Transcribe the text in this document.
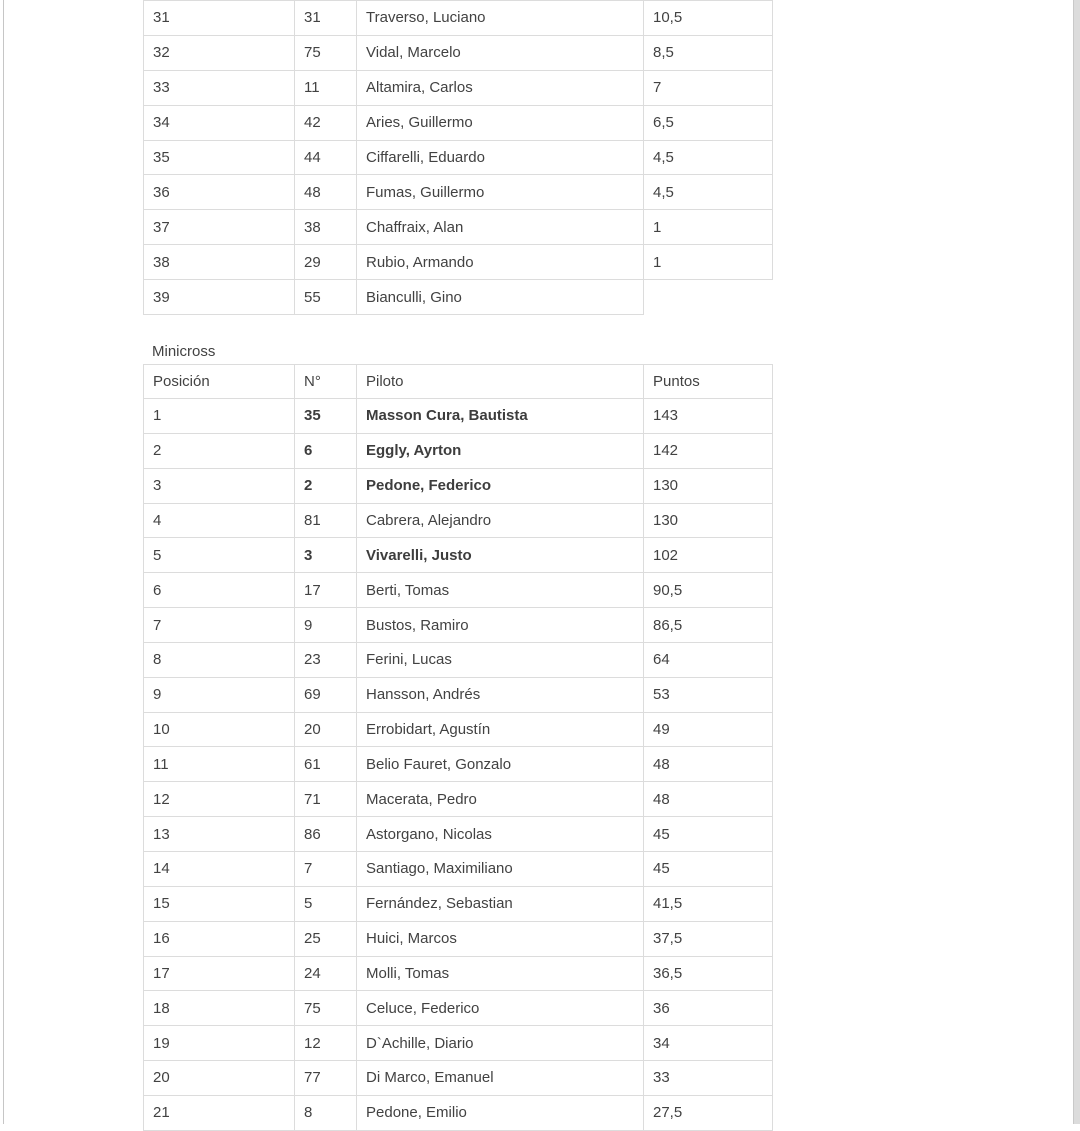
31	31	Traverso, Luciano	10,5
32	75	Vidal, Marcelo	8,5
33	11	Altamira, Carlos	7
34	42	Aries, Guillermo	6,5
35	44	Ciffarelli, Eduardo	4,5
36	48	Fumas, Guillermo	4,5
37	38	Chaffraix, Alan	1
38	29	Rubio, Armando	1
39	55	Bianculli, Gino	
Minicross
Posición	N°	Piloto	Puntos
1	35	Masson Cura, Bautista	143
2	6	Eggly, Ayrton	142
3	2	Pedone, Federico	130
4	81	Cabrera, Alejandro	130
5	3	Vivarelli, Justo	102
6	17	Berti, Tomas	90,5
7	9	Bustos, Ramiro	86,5
8	23	Ferini, Lucas	64
9	69	Hansson, Andrés	53
10	20	Errobidart, Agustín	49
11	61	Belio Fauret, Gonzalo	48
12	71	Macerata, Pedro	48
13	86	Astorgano, Nicolas	45
14	7	Santiago, Maximiliano	45
15	5	Fernández, Sebastian	41,5
16	25	Huici, Marcos	37,5
17	24	Molli, Tomas	36,5
18	75	Celuce, Federico	36
19	12	D`Achille, Diario	34
20	77	Di Marco, Emanuel	33
21	8	Pedone, Emilio	27,5
